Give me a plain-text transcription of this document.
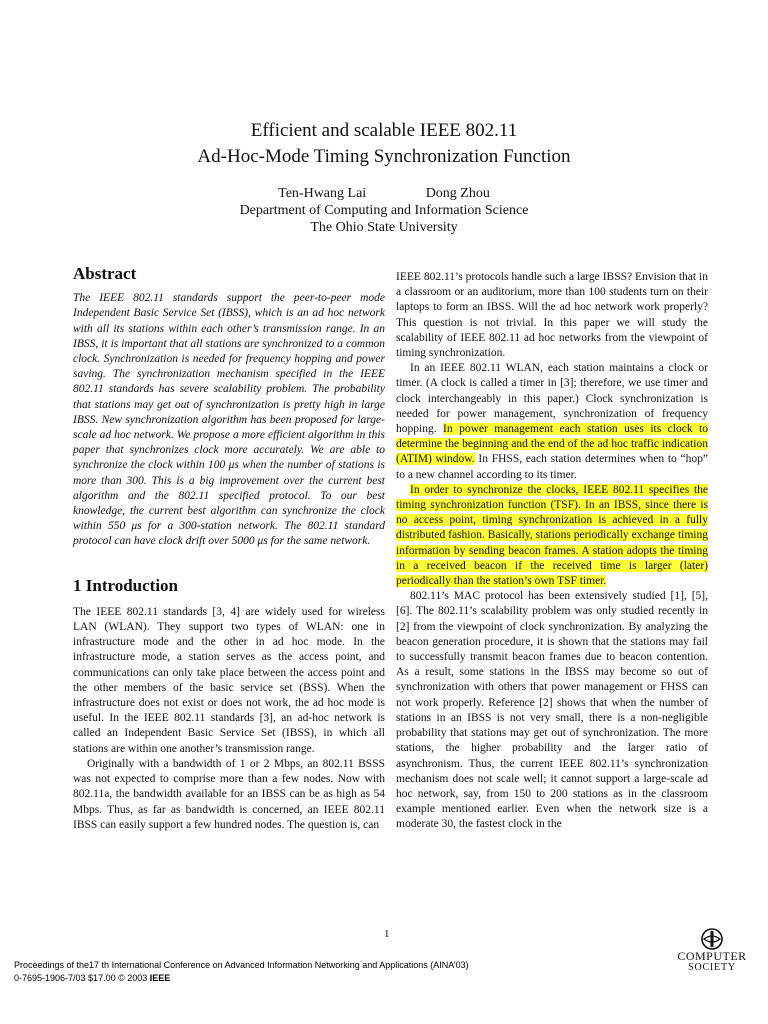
Efficient and scalable IEEE 802.11
Ad-Hoc-Mode Timing Synchronization Function
Ten-Hwang Lai	Dong Zhou
Department of Computing and Information Science
The Ohio State University
Abstract

The IEEE 802.11 standards support the peer-to-peer mode Independent Basic Service Set (IBSS), which is an ad hoc network with all its stations within each other’s transmission range. In an IBSS, it is important that all stations are synchronized to a common clock. Synchronization is needed for frequency hopping and power saving. The synchronization mechanism specified in the IEEE 802.11 standards has severe scalability problem. The probability that stations may get out of synchronization is pretty high in large IBSS. New synchronization algorithm has been proposed for large-scale ad hoc network. We propose a more efficient algorithm in this paper that synchronizes clock more accurately. We are able to synchronize the clock within 100 μs when the number of stations is more than 300. This is a big improvement over the current best algorithm and the 802.11 specified protocol. To our best knowledge, the current best algorithm can synchronize the clock within 550 μs for a 300-station network. The 802.11 standard protocol can have clock drift over 5000 μs for the same network.

1 Introduction

The IEEE 802.11 standards [3, 4] are widely used for wireless LAN (WLAN). They support two types of WLAN: one in infrastructure mode and the other in ad hoc mode. In the infrastructure mode, a station serves as the access point, and communications can only take place between the access point and the other members of the basic service set (BSS). When the infrastructure does not exist or does not work, the ad hoc mode is useful. In the IEEE 802.11 standards [3], an ad-hoc network is called an Independent Basic Service Set (IBSS), in which all stations are within one another’s transmission range.

Originally with a bandwidth of 1 or 2 Mbps, an 802.11 BSSS was not expected to comprise more than a few nodes. Now with 802.11a, the bandwidth available for an IBSS can be as high as 54 Mbps. Thus, as far as bandwidth is concerned, an IEEE 802.11 IBSS can easily support a few hundred nodes. The question is, can

IEEE 802.11’s protocols handle such a large IBSS? Envision that in a classroom or an auditorium, more than 100 students turn on their laptops to form an IBSS. Will the ad hoc network work properly? This question is not trivial. In this paper we will study the scalability of IEEE 802.11 ad hoc networks from the viewpoint of timing synchronization.

In an IEEE 802.11 WLAN, each station maintains a clock or timer. (A clock is called a timer in [3]; therefore, we use timer and clock interchangeably in this paper.) Clock synchronization is needed for power management, synchronization of frequency hopping. In power management each station uses its clock to determine the beginning and the end of the ad hoc traffic indication (ATIM) window. In FHSS, each station determines when to “hop” to a new channel according to its timer.

In order to synchronize the clocks, IEEE 802.11 specifies the timing synchronization function (TSF). In an IBSS, since there is no access point, timing synchronization is achieved in a fully distributed fashion. Basically, stations periodically exchange timing information by sending beacon frames. A station adopts the timing in a received beacon if the received time is larger (later) periodically than the station’s own TSF timer.

802.11’s MAC protocol has been extensively studied [1], [5], [6]. The 802.11’s scalability problem was only studied recently in [2] from the viewpoint of clock synchronization. By analyzing the beacon generation procedure, it is shown that the stations may fail to successfully transmit beacon frames due to beacon contention. As a result, some stations in the IBSS may become so out of synchronization with others that power management or FHSS can not work properly. Reference [2] shows that when the number of stations in an IBSS is not very small, there is a non-negligible probability that stations may get out of synchronization. The more stations, the higher probability and the larger ratio of asynchronism. Thus, the current IEEE 802.11’s synchronization mechanism does not scale well; it cannot support a large-scale ad hoc network, say, from 150 to 200 stations as in the classroom example mentioned earlier. Even when the network size is a moderate 30, the fastest clock in the

1
Proceedings of the17 th International Conference on Advanced Information Networking and Applications (AINA’03)
0-7695-1906-7/03 $17.00 © 2003 IEEE
COMPUTER
SOCIETY
